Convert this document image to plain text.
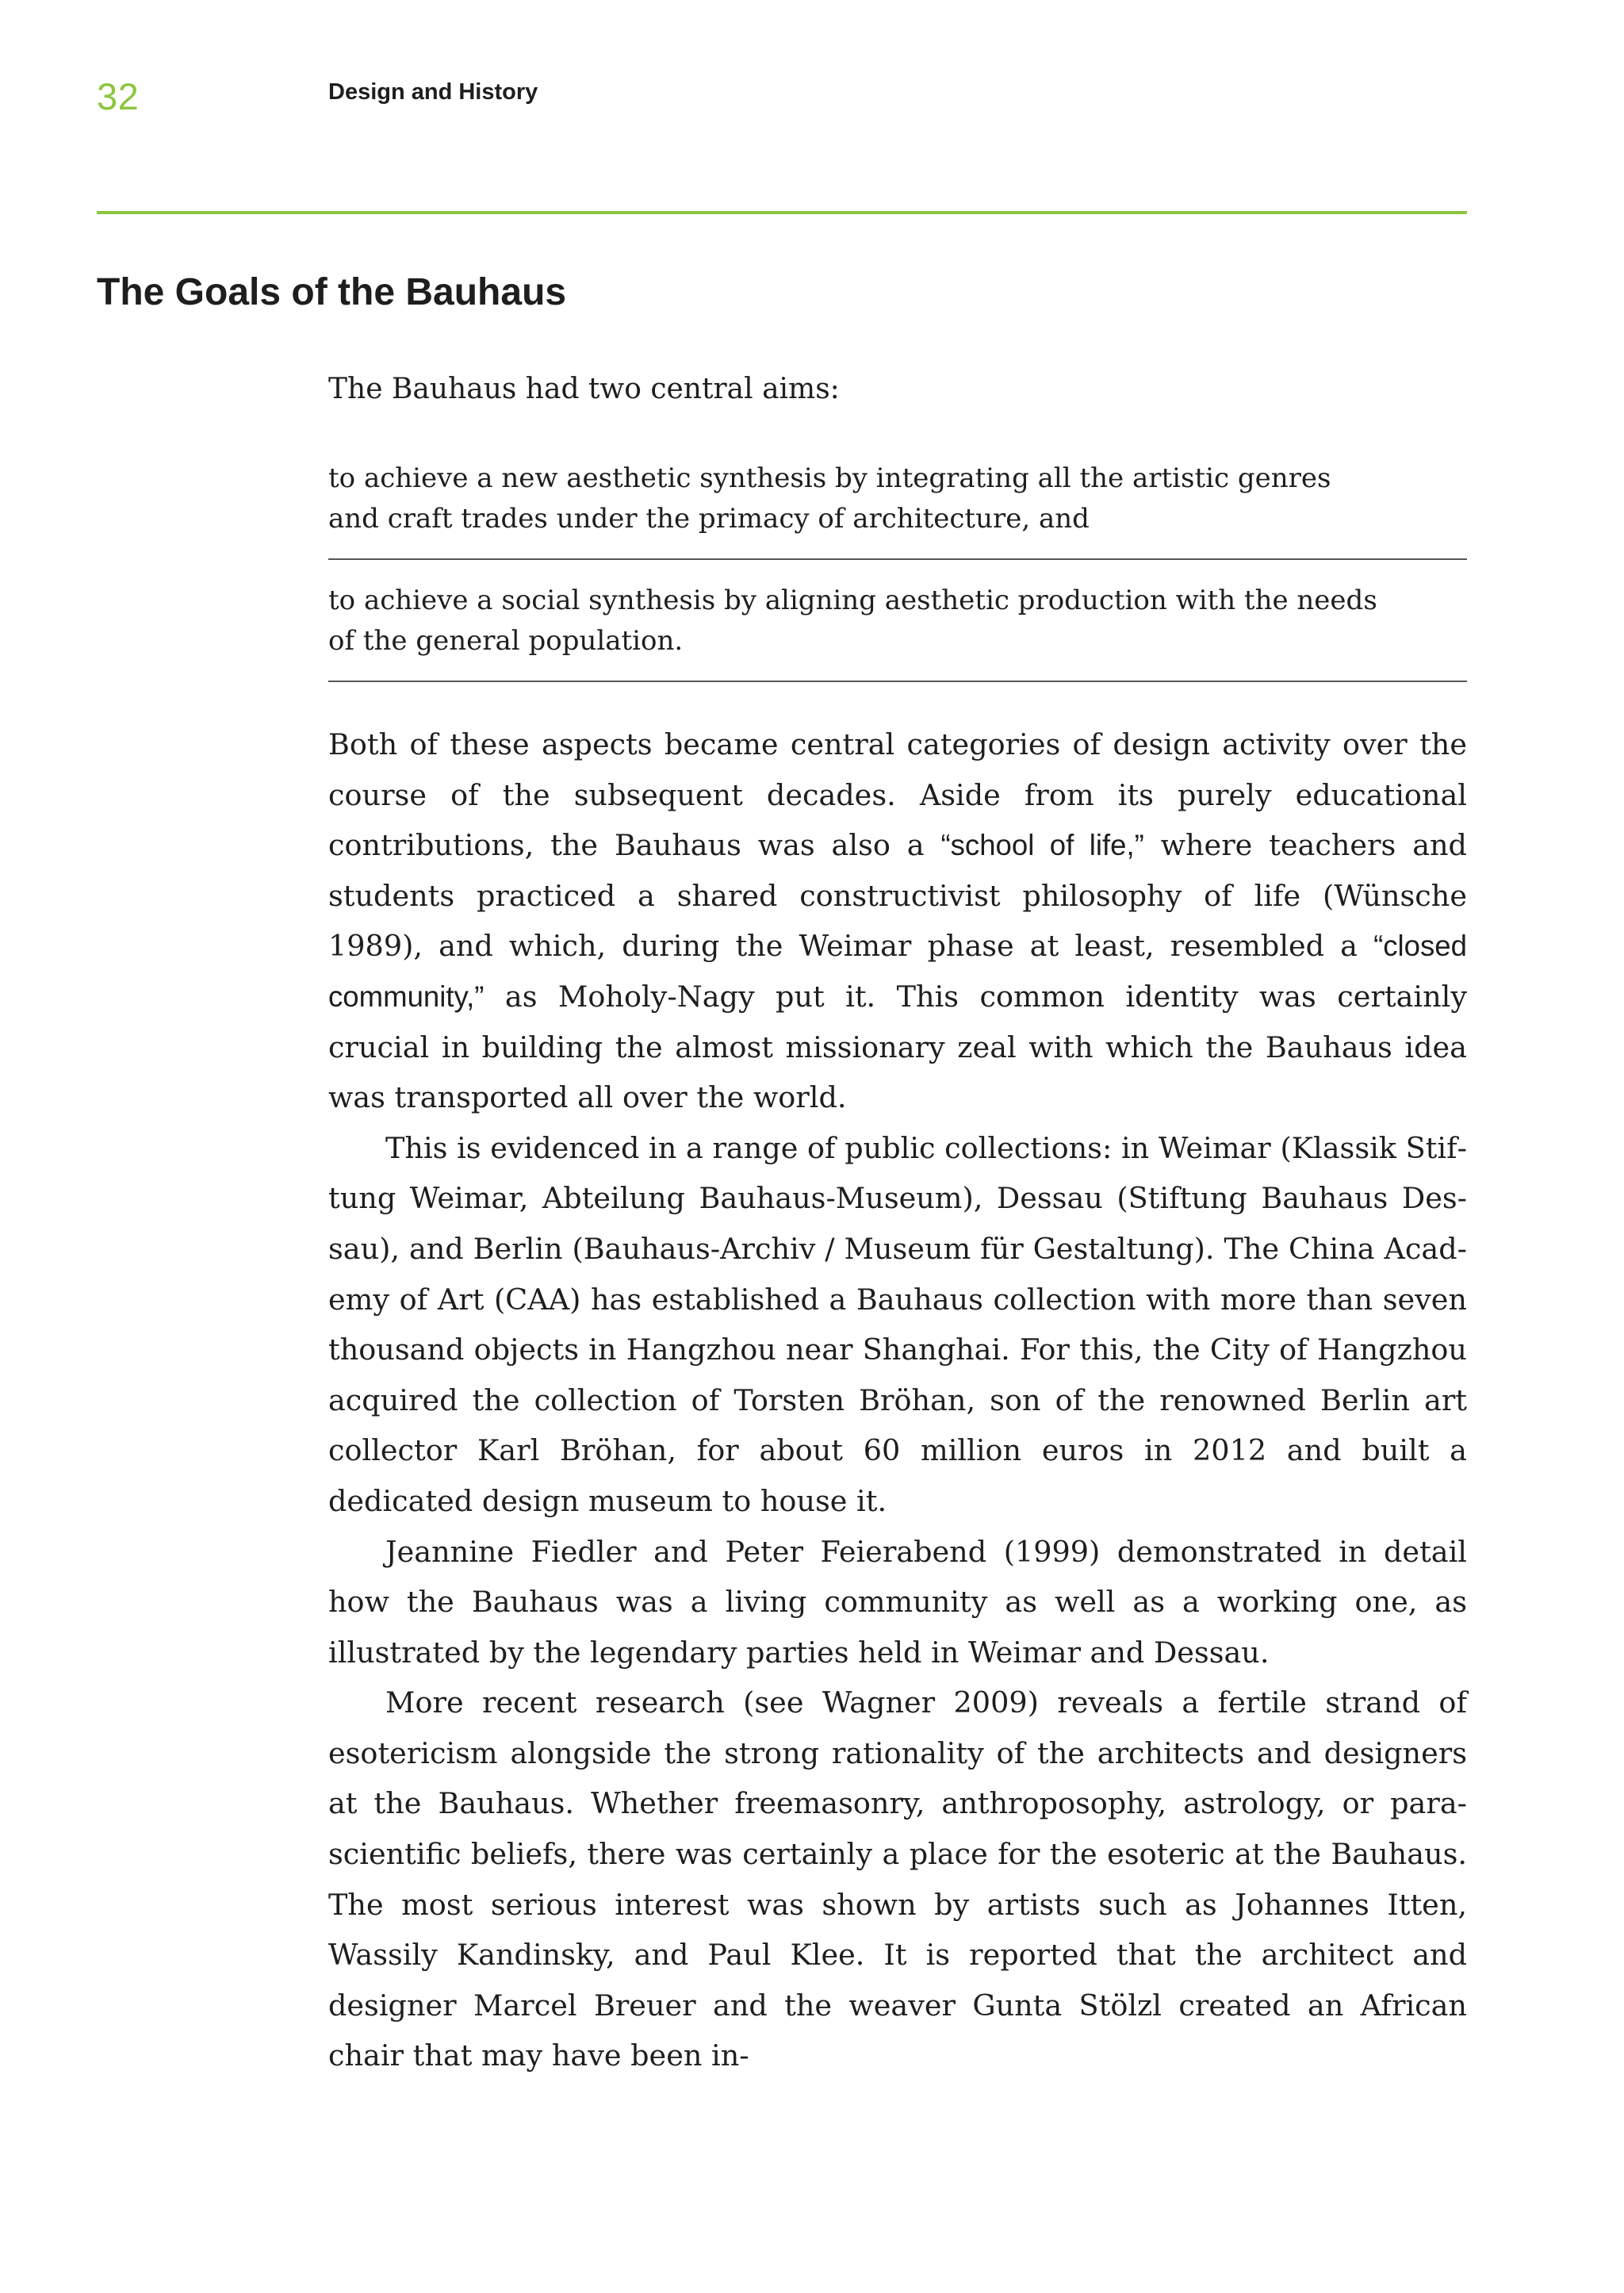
32	Design and History
The Goals of the Bauhaus

The Bauhaus had two central aims:

to achieve a new aesthetic synthesis by integrating all the artistic genres and craft trades under the primacy of architecture, and
to achieve a social synthesis by aligning aesthetic production with the needs of the general population.

Both of these aspects became central categories of design activity over the course of the subsequent decades. Aside from its purely educational contributions, the Bauhaus was also a “school of life,” where teachers and students practiced a shared constructivist philosophy of life (Wünsche 1989), and which, during the Weimar phase at least, resembled a “closed community,” as Moholy-Nagy put it. This common identity was certainly crucial in building the almost missionary zeal with which the Bauhaus idea was transported all over the world.

This is evidenced in a range of public collections: in Weimar (Klassik Stiftung Weimar, Abteilung Bauhaus-Museum), Dessau (Stiftung Bauhaus Dessau), and Berlin (Bauhaus-Archiv / Museum für Gestaltung). The China Academy of Art (CAA) has established a Bauhaus collection with more than seven thousand objects in Hangzhou near Shanghai. For this, the City of Hangzhou acquired the collection of Torsten Bröhan, son of the renowned Berlin art collector Karl Bröhan, for about 60 million euros in 2012 and built a dedicated design museum to house it.

Jeannine Fiedler and Peter Feierabend (1999) demonstrated in detail how the Bauhaus was a living community as well as a working one, as illustrated by the legendary parties held in Weimar and Dessau.

More recent research (see Wagner 2009) reveals a fertile strand of esotericism alongside the strong rationality of the architects and designers at the Bauhaus. Whether freemasonry, anthroposophy, astrology, or para-scientific beliefs, there was certainly a place for the esoteric at the Bauhaus. The most serious interest was shown by artists such as Johannes Itten, Wassily Kandinsky, and Paul Klee. It is reported that the architect and designer Marcel Breuer and the weaver Gunta Stölzl created an African chair that may have been in-
